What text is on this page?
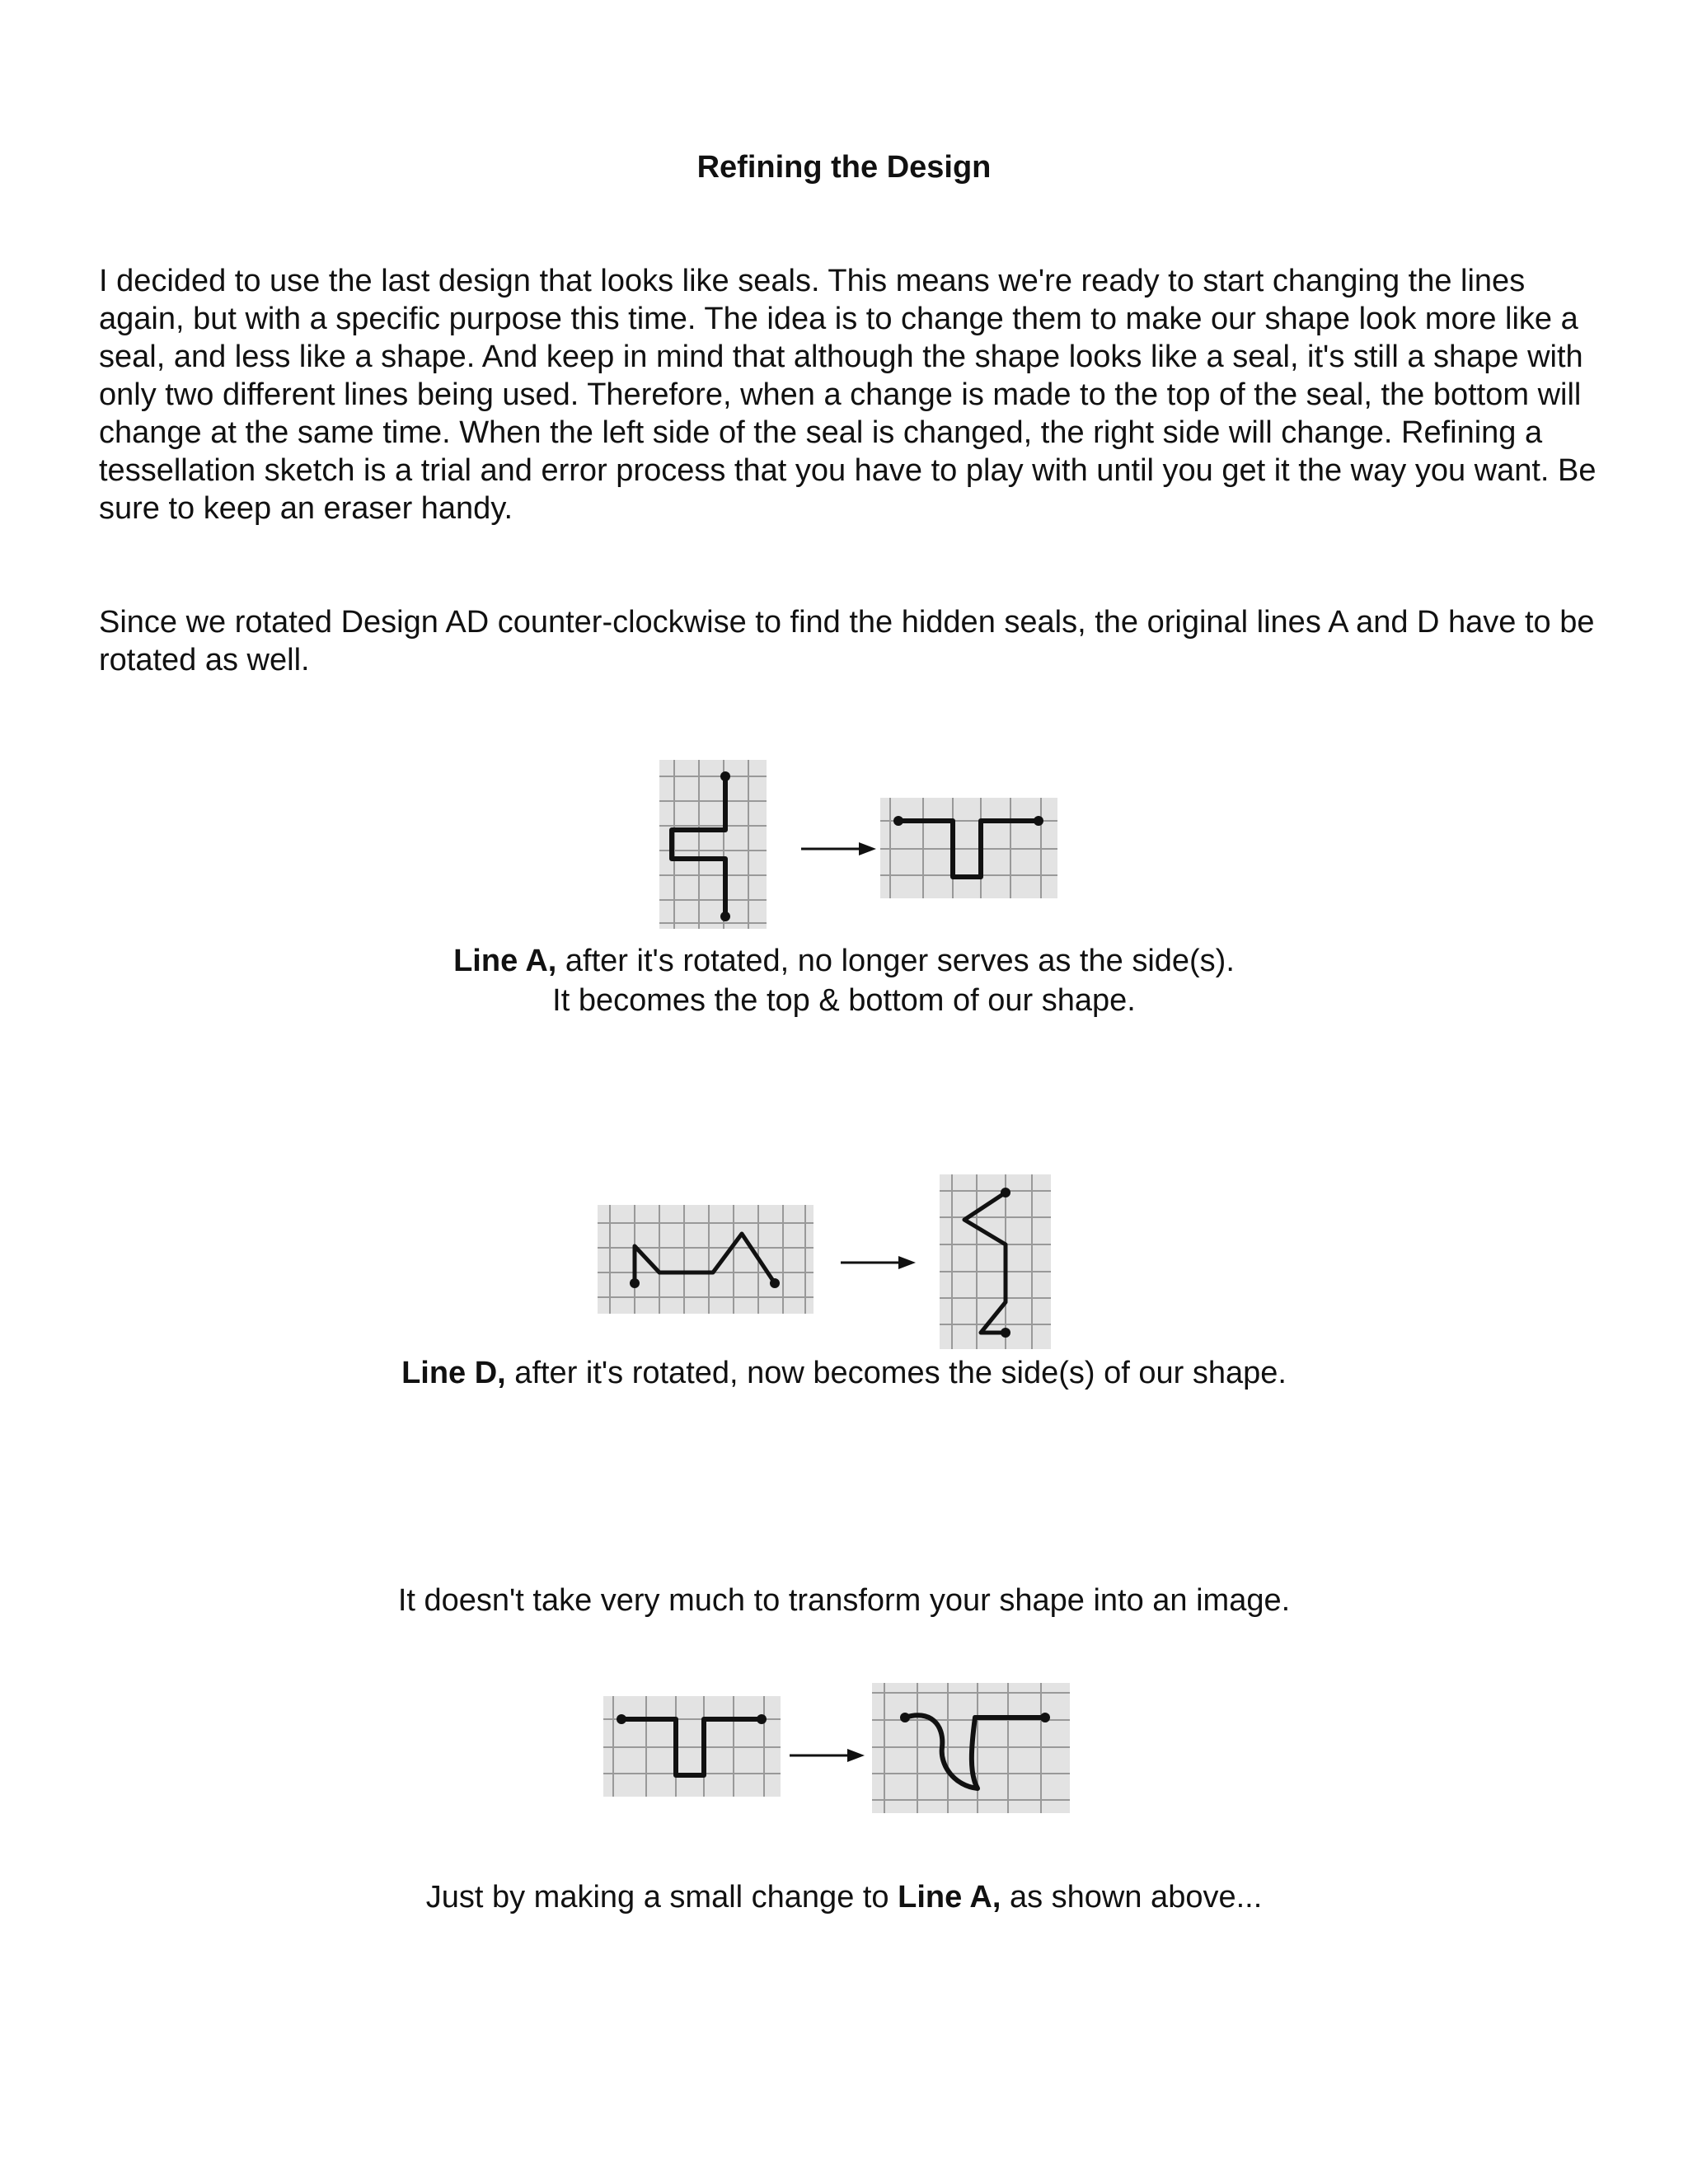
Refining the Design

I decided to use the last design that looks like seals. This means we're ready to start changing the lines again, but with a specific purpose this time. The idea is to change them to make our shape look more like a seal, and less like a shape. And keep in mind that although the shape looks like a seal, it's still a shape with only two different lines being used. Therefore, when a change is made to the top of the seal, the bottom will change at the same time. When the left side of the seal is changed, the right side will change. Refining a tessellation sketch is a trial and error process that you have to play with until you get it the way you want. Be sure to keep an eraser handy.

Since we rotated Design AD counter-clockwise to find the hidden seals, the original lines A and D have to be rotated as well.

Line A, after it's rotated, no longer serves as the side(s).
It becomes the top & bottom of our shape.

Line D, after it's rotated, now becomes the side(s) of our shape.

It doesn't take very much to transform your shape into an image.

Just by making a small change to Line A, as shown above...
